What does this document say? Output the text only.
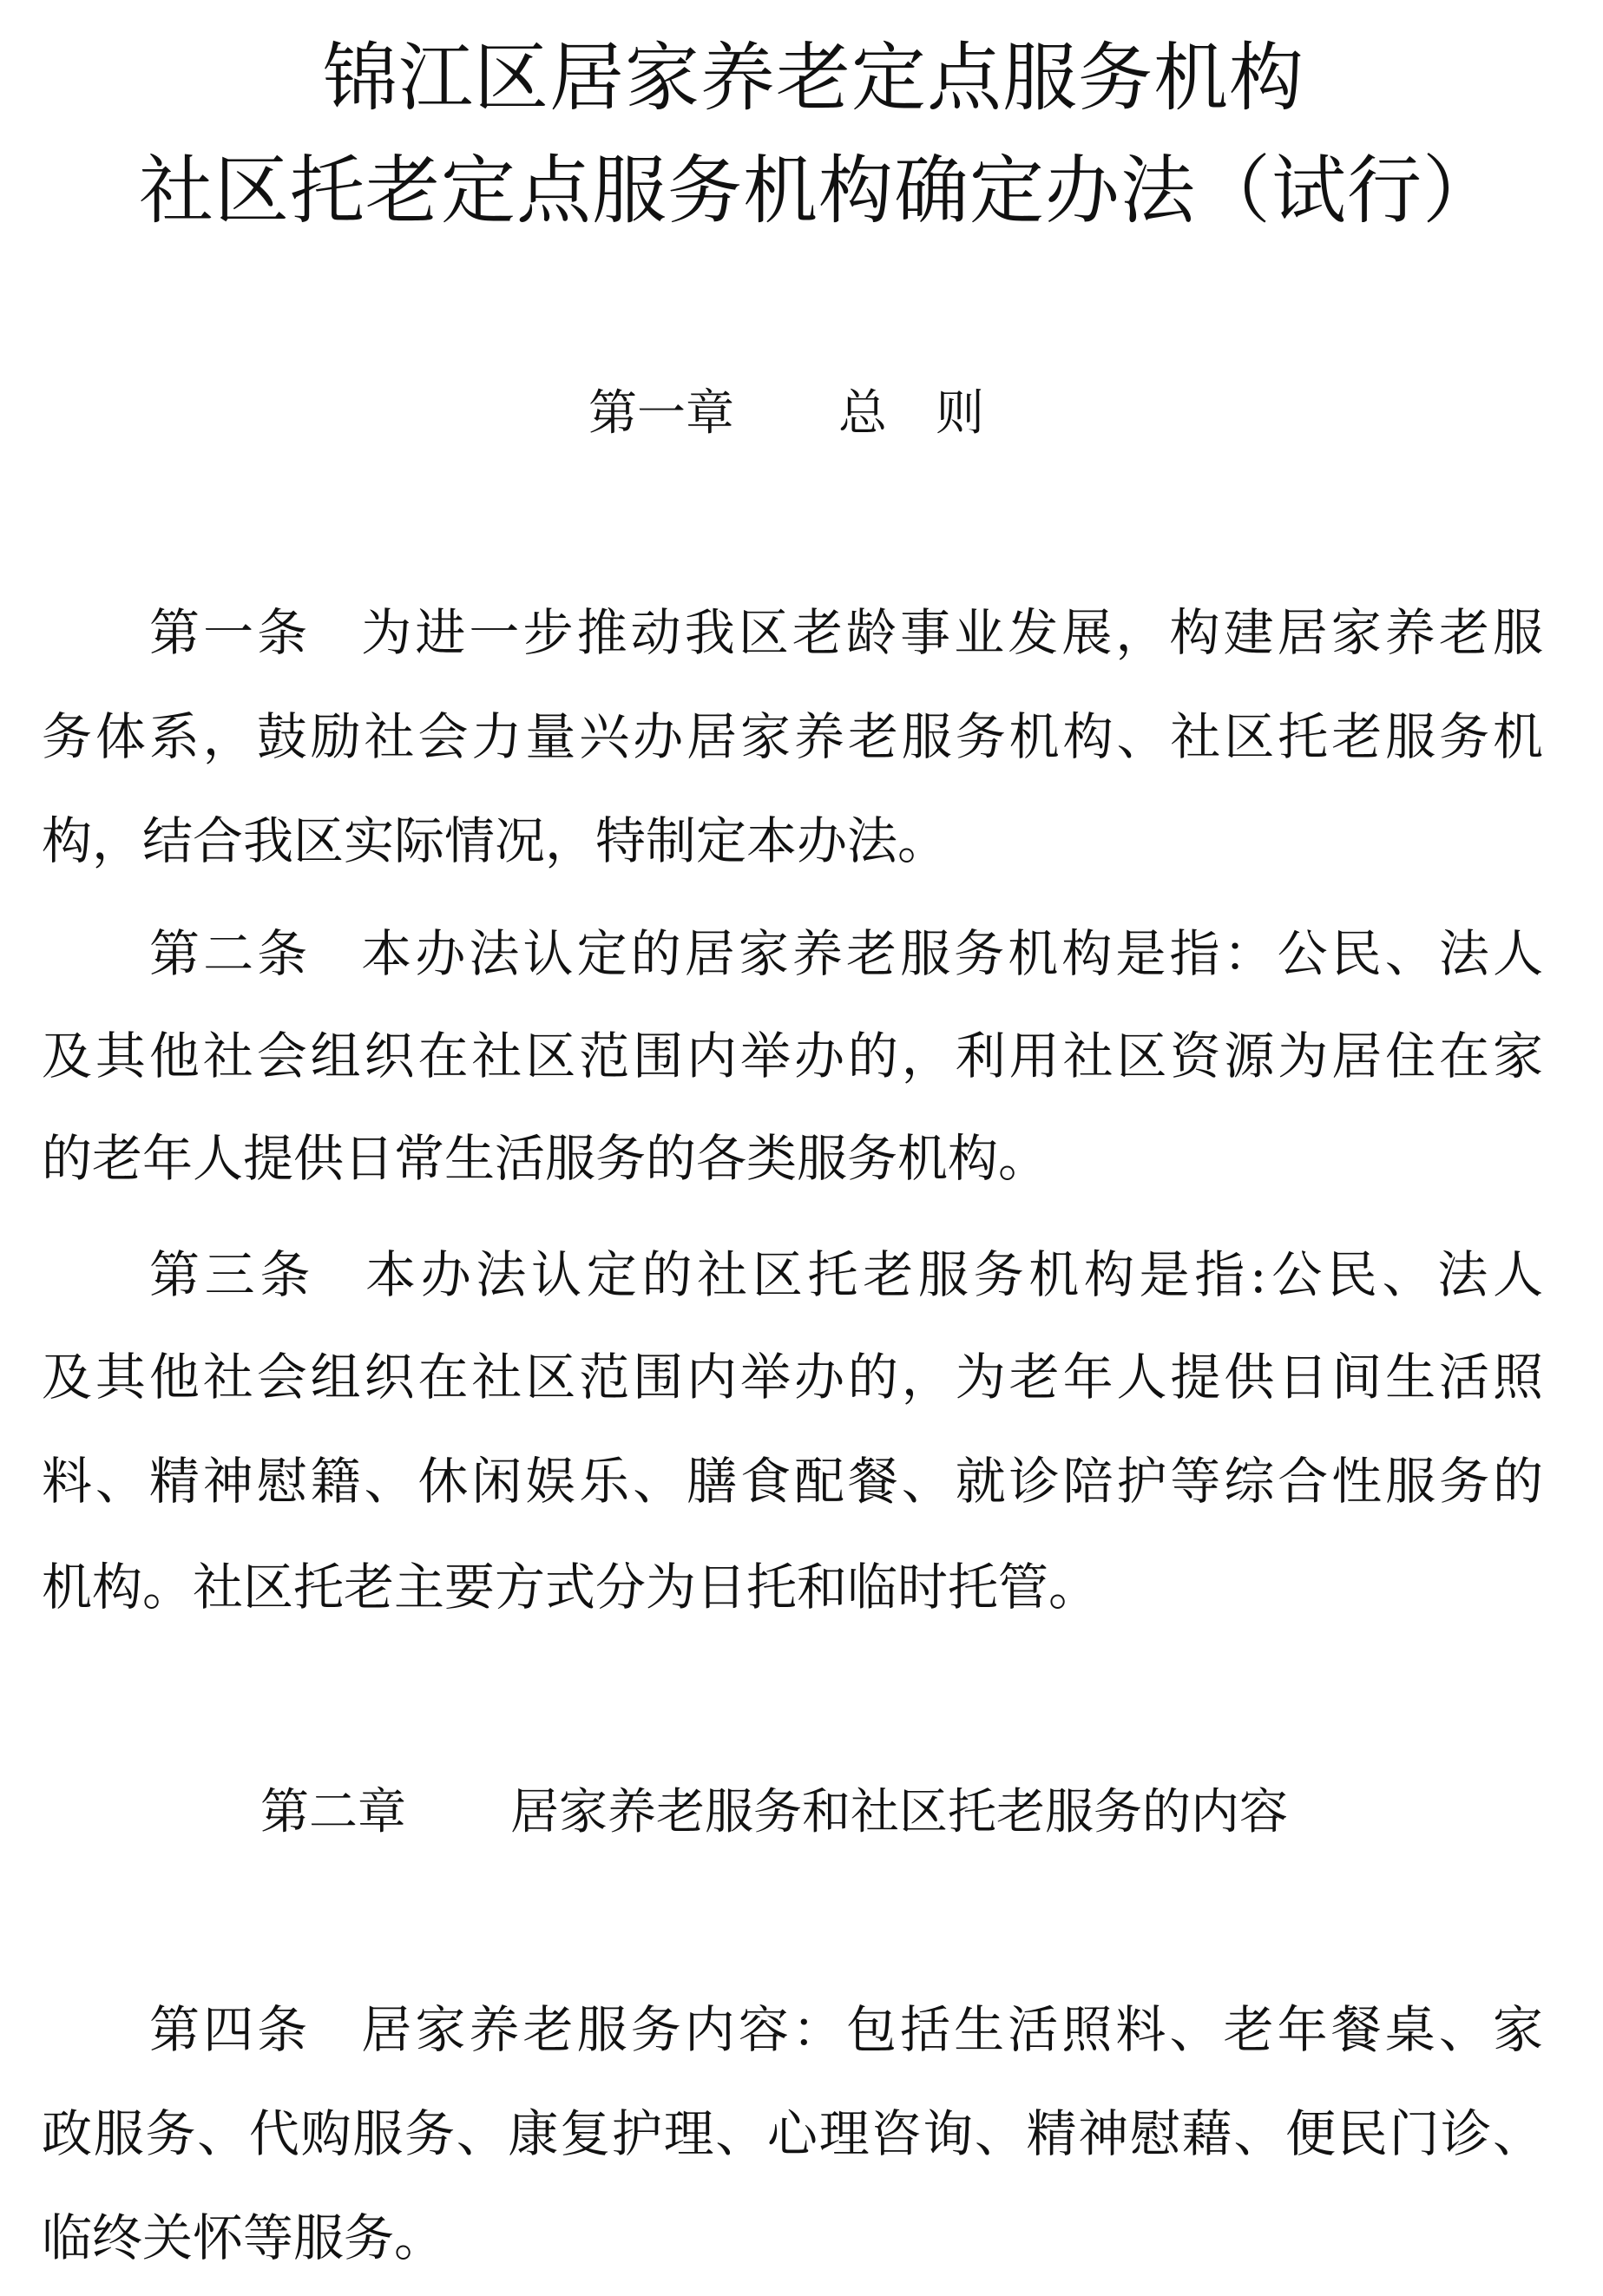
锦江区居家养老定点服务机构
社区托老定点服务机构确定办法（试行）
第一章 总 则
第一条 为进一步推动我区老龄事业发展，构建居家养老服
务体系，鼓励社会力量兴办居家养老服务机构、社区托老服务机
构，结合我区实际情况，特制定本办法。
第二条 本办法认定的居家养老服务机构是指：公民、法人
及其他社会组织在社区范围内举办的，利用社区资源为居住在家
的老年人提供日常生活服务的各类服务机构。
第三条 本办法认定的社区托老服务机构是指:公民、法人
及其他社会组织在社区范围内举办的，为老年人提供日间生活照
料、精神慰籍、休闲娱乐、膳食配餐、就诊陪护等综合性服务的
机构。社区托老主要方式分为日托和临时托管。
第二章 居家养老服务和社区托老服务的内容
第四条 居家养老服务内容：包括生活照料、老年餐桌、家
政服务、代购服务、康复护理、心理咨询、精神慰藉、便民门诊、
临终关怀等服务。
